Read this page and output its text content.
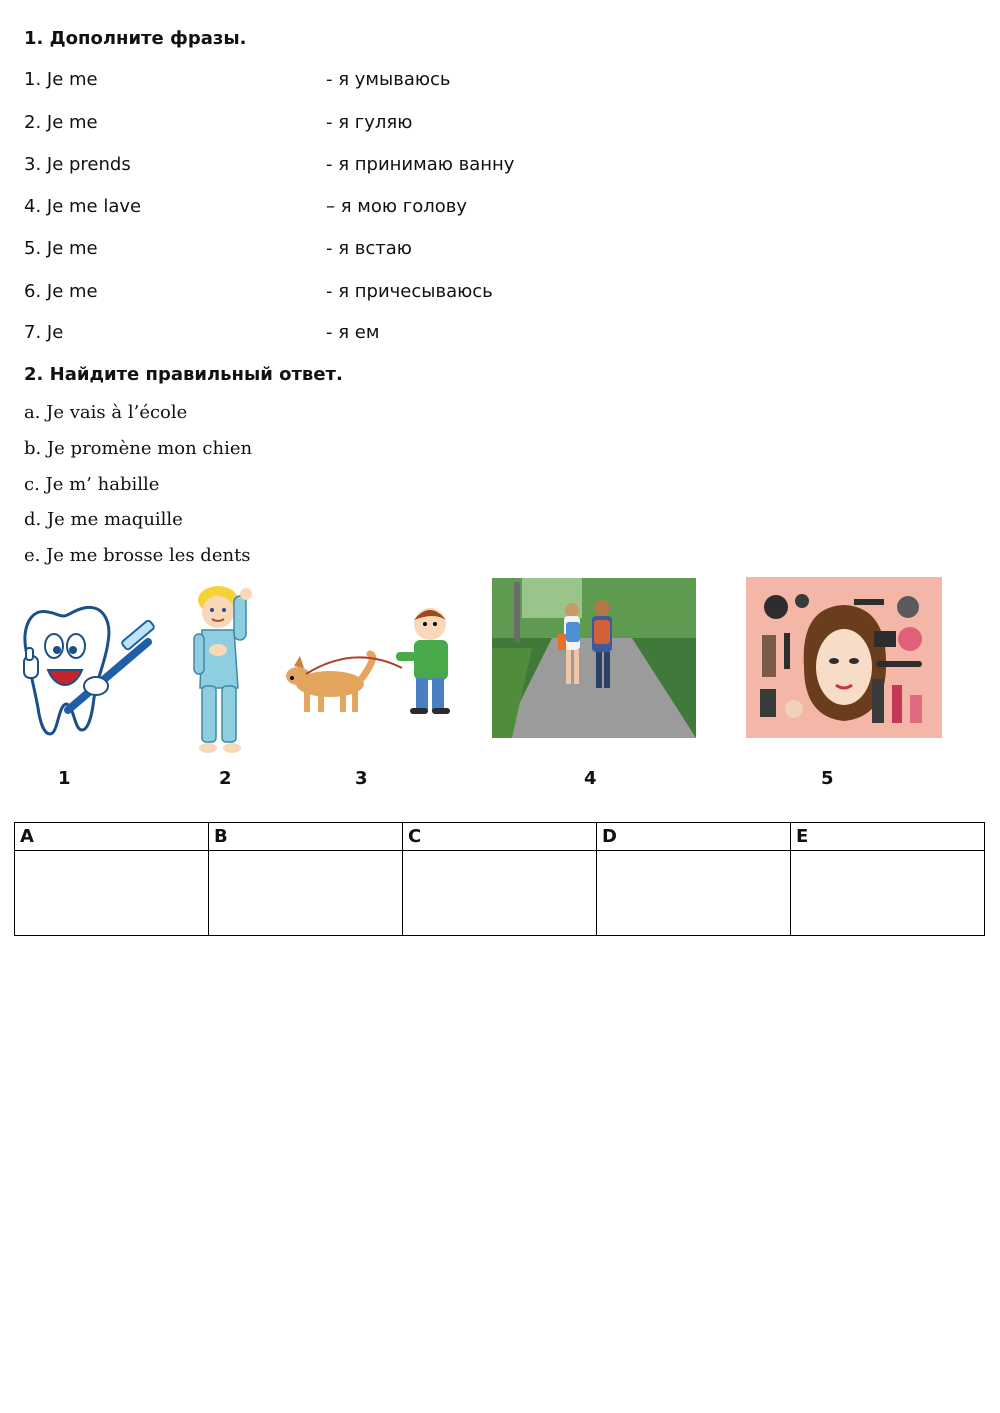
1. Дополните фразы.
1. Je me	- я умываюсь
2. Je me	- я гуляю
3. Je prends	- я принимаю ванну
4. Je me lave	– я мою голову
5. Je me	- я встаю
6. Je me	- я причесываюсь
7. Je	- я ем
2. Найдите правильный ответ.
a. Je vais à l’école
b. Je promène mon chien
c. Je m’ habille
d. Je me maquille
e. Je me brosse les dents
1	2	3	4	5
A	B	C	D	E
